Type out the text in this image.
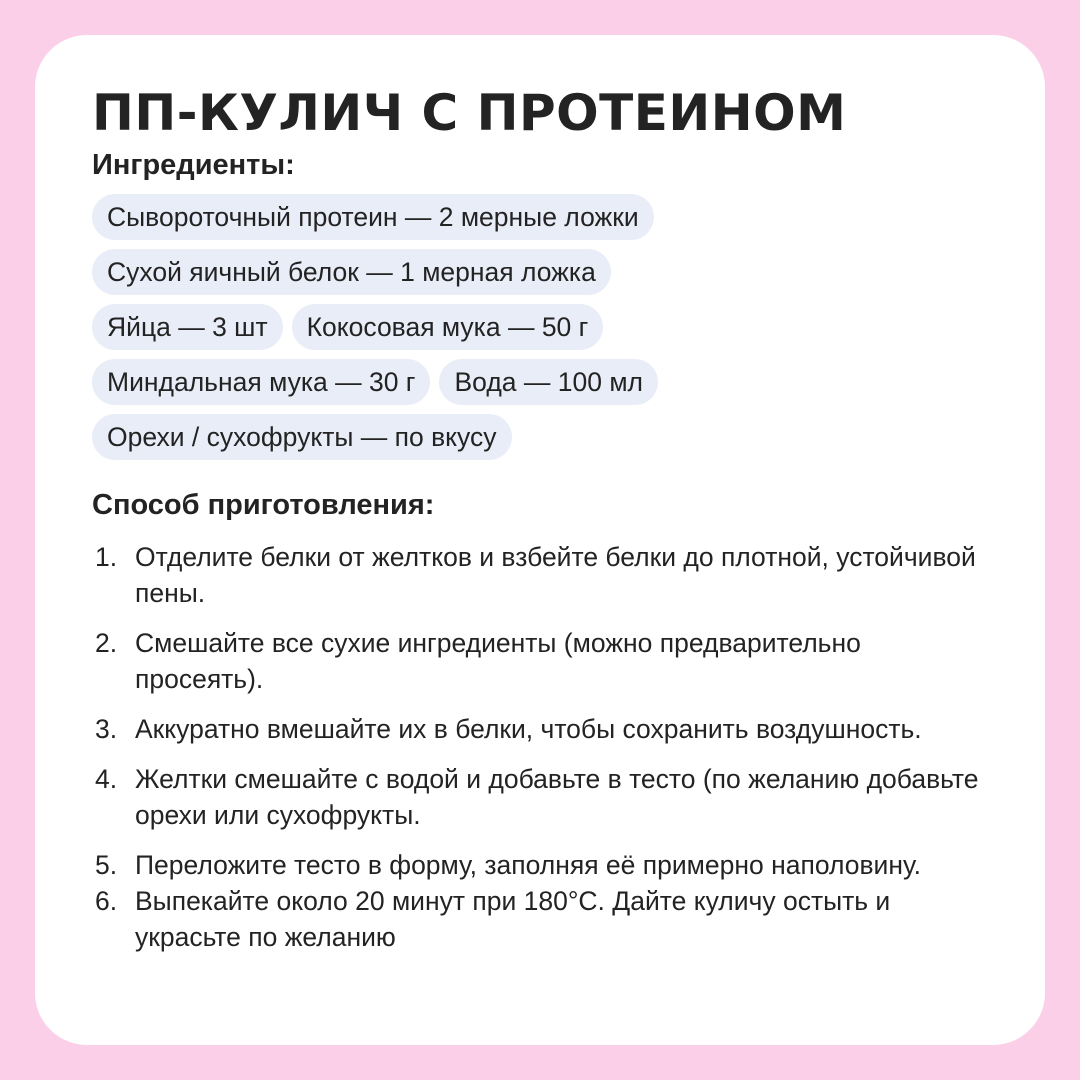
ПП-КУЛИЧ С ПРОТЕИНОМ
Ингредиенты:
Сывороточный протеин — 2 мерные ложки
Сухой яичный белок — 1 мерная ложка
Яйца — 3 шт	Кокосовая мука — 50 г
Миндальная мука — 30 г	Вода — 100 мл
Орехи / сухофрукты — по вкусу
Способ приготовления:
1. Отделите белки от желтков и взбейте белки до плотной, устойчивой пены.
2. Смешайте все сухие ингредиенты (можно предварительно просеять).
3. Аккуратно вмешайте их в белки, чтобы сохранить воздушность.
4. Желтки смешайте с водой и добавьте в тесто (по желанию добавьте орехи или сухофрукты.
5. Переложите тесто в форму, заполняя её примерно наполовину.
6. Выпекайте около 20 минут при 180°С. Дайте куличу остыть и украсьте по желанию
